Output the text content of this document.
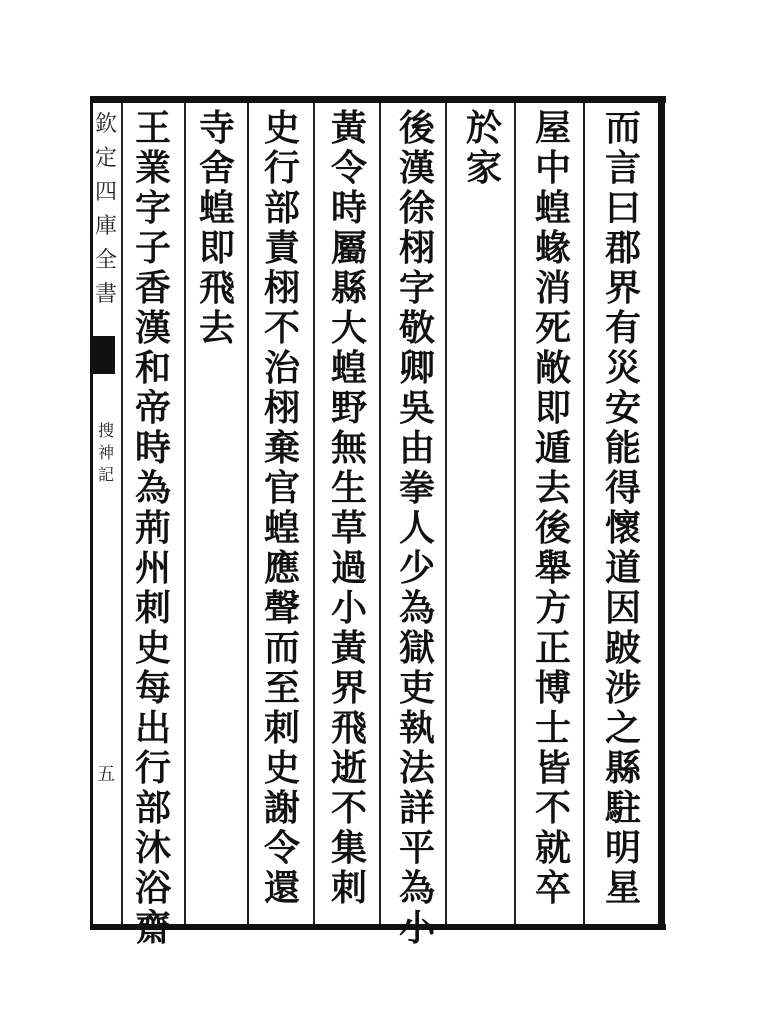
欽
定
四
庫
全
書
搜
神
記
五
而
言
曰
郡
界
有
災
安
能
得
懷
道
因
跛
涉
之
縣
駐
明
星
屋
中
蝗
蝝
消
死
敞
即
遁
去
後
舉
方
正
博
士
皆
不
就
卒
於
家
後
漢
徐
栩
字
敬
卿
吳
由
拳
人
少
為
獄
吏
執
法
詳
平
為
小
黃
令
時
屬
縣
大
蝗
野
無
生
草
過
小
黃
界
飛
逝
不
集
刺
史
行
部
責
栩
不
治
栩
棄
官
蝗
應
聲
而
至
刺
史
謝
令
還
寺
舍
蝗
即
飛
去
王
業
字
子
香
漢
和
帝
時
為
荊
州
刺
史
每
出
行
部
沐
浴
齋
